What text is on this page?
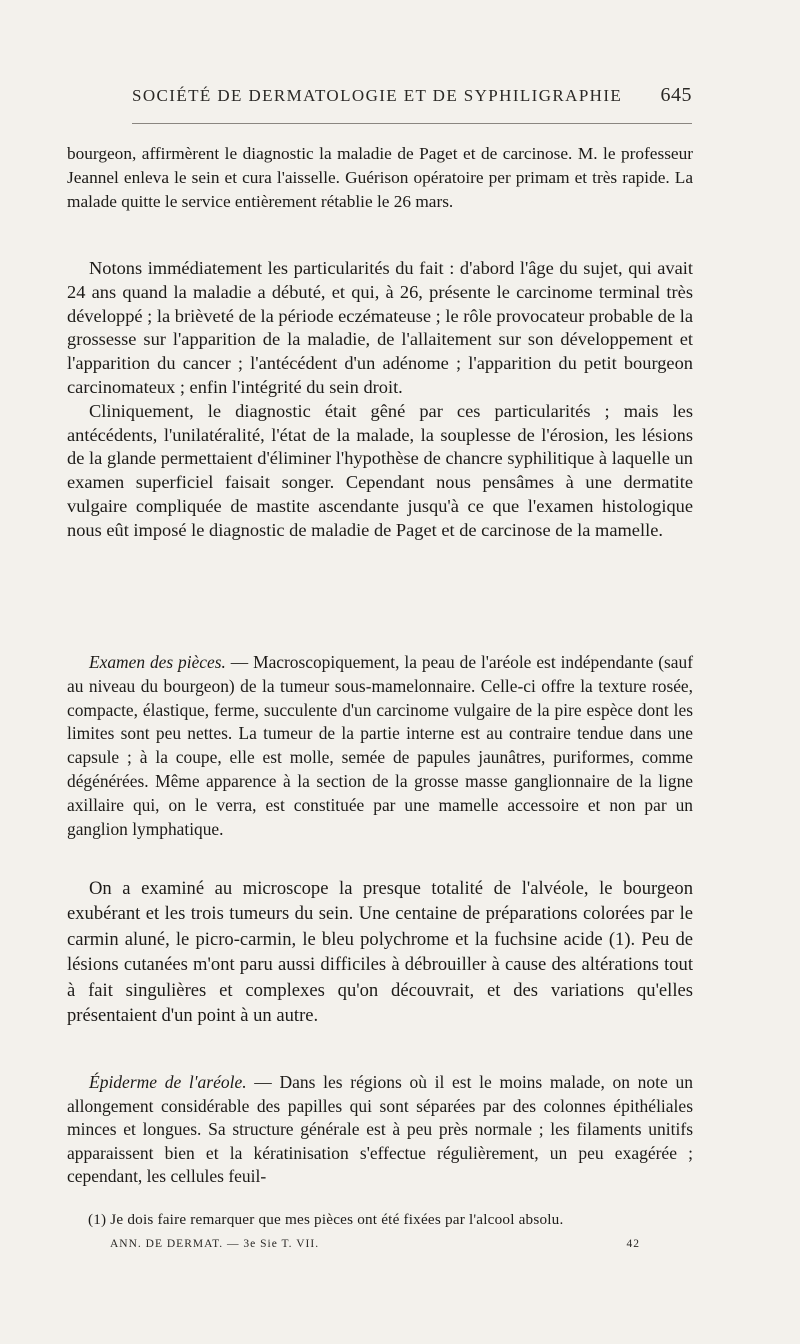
SOCIÉTÉ DE DERMATOLOGIE ET DE SYPHILIGRAPHIE 645

bourgeon, affirmèrent le diagnostic la maladie de Paget et de carcinose. M. le professeur Jeannel enleva le sein et cura l'aisselle. Guérison opératoire per primam et très rapide. La malade quitte le service entièrement rétablie le 26 mars.

Notons immédiatement les particularités du fait : d'abord l'âge du sujet, qui avait 24 ans quand la maladie a débuté, et qui, à 26, présente le carcinome terminal très développé ; la brièveté de la période eczémateuse ; le rôle provocateur probable de la grossesse sur l'apparition de la maladie, de l'allaitement sur son développement et l'apparition du cancer ; l'antécédent d'un adénome ; l'apparition du petit bourgeon carcinomateux ; enfin l'intégrité du sein droit.

Cliniquement, le diagnostic était gêné par ces particularités ; mais les antécédents, l'unilatéralité, l'état de la malade, la souplesse de l'érosion, les lésions de la glande permettaient d'éliminer l'hypothèse de chancre syphilitique à laquelle un examen superficiel faisait songer. Cependant nous pensâmes à une dermatite vulgaire compliquée de mastite ascendante jusqu'à ce que l'examen histologique nous eût imposé le diagnostic de maladie de Paget et de carcinose de la mamelle.

Examen des pièces. — Macroscopiquement, la peau de l'aréole est indépendante (sauf au niveau du bourgeon) de la tumeur sous-mamelonnaire. Celle-ci offre la texture rosée, compacte, élastique, ferme, succulente d'un carcinome vulgaire de la pire espèce dont les limites sont peu nettes. La tumeur de la partie interne est au contraire tendue dans une capsule ; à la coupe, elle est molle, semée de papules jaunâtres, puriformes, comme dégénérées. Même apparence à la section de la grosse masse ganglionnaire de la ligne axillaire qui, on le verra, est constituée par une mamelle accessoire et non par un ganglion lymphatique.

On a examiné au microscope la presque totalité de l'alvéole, le bourgeon exubérant et les trois tumeurs du sein. Une centaine de préparations colorées par le carmin aluné, le picro-carmin, le bleu polychrome et la fuchsine acide (1). Peu de lésions cutanées m'ont paru aussi difficiles à débrouiller à cause des altérations tout à fait singulières et complexes qu'on découvrait, et des variations qu'elles présentaient d'un point à un autre.

Épiderme de l'aréole. — Dans les régions où il est le moins malade, on note un allongement considérable des papilles qui sont séparées par des colonnes épithéliales minces et longues. Sa structure générale est à peu près normale ; les filaments unitifs apparaissent bien et la kératinisation s'effectue régulièrement, un peu exagérée ; cependant, les cellules feuil-

(1) Je dois faire remarquer que mes pièces ont été fixées par l'alcool absolu.
ANN. DE DERMAT. — 3e Sie T. VII.	42
